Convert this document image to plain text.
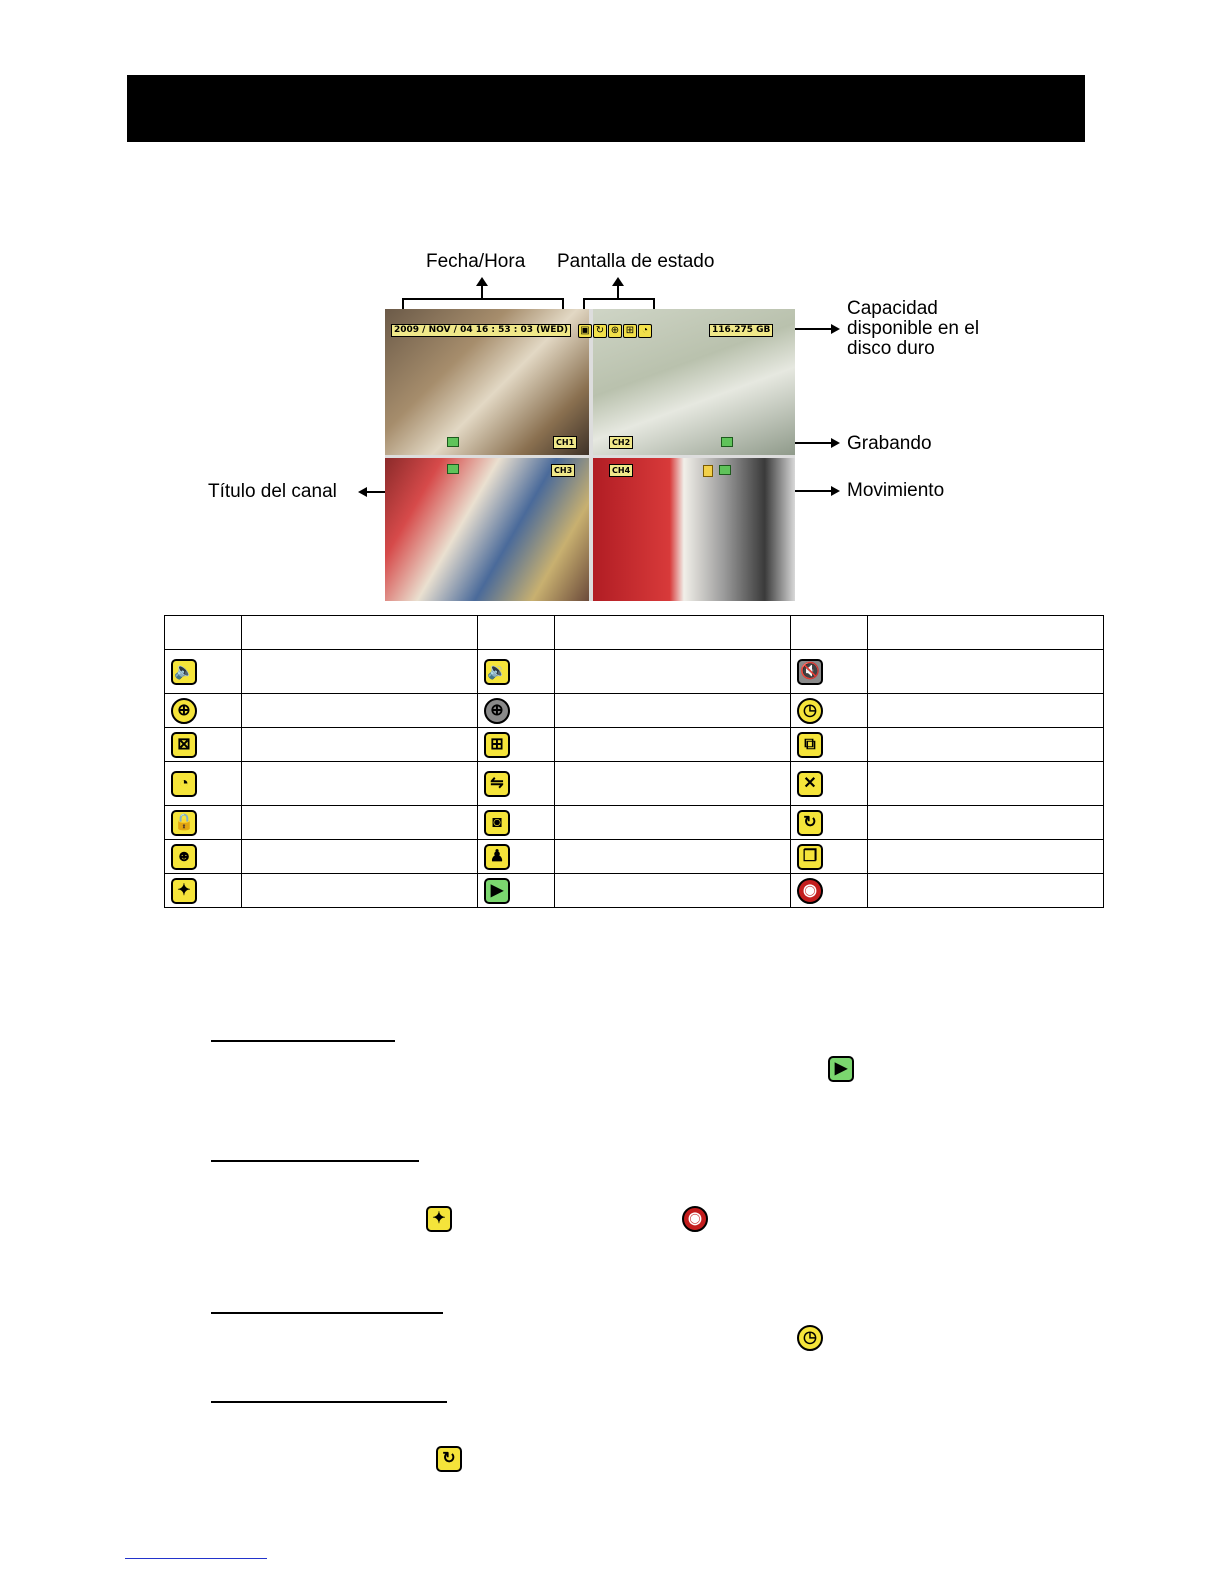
Fecha/Hora Pantalla de estado
Capacidad
disponible en el
disco duro
Grabando
Movimiento
Título del canal
2009 / NOV / 04 16 : 53 : 03 (WED)	▣ ↻ ⊕ ⊞ ◔	116.275 GB
CH1	CH2
CH3	CH4

🔈		🔉		🔇	
⊕		⊕		◷	
⊠		⊞		⧉	
◔		⇋		✕	
🔒		◙		↻	
☻		♟		❐	
✦		▶		◉	
▶
✦	◉
◷
↻
